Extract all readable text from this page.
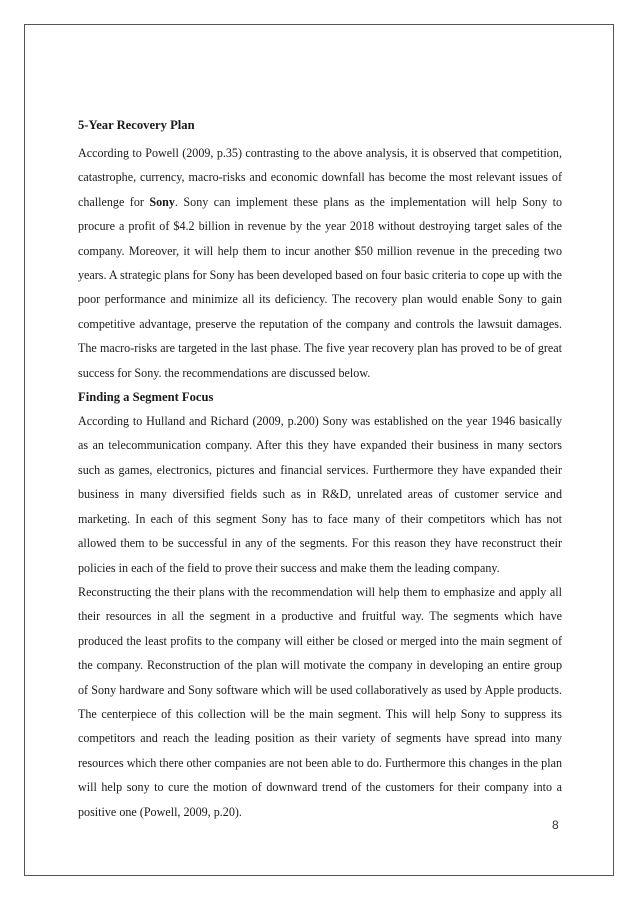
5-Year Recovery Plan

According to Powell (2009, p.35) contrasting to the above analysis, it is observed that competition, catastrophe, currency, macro-risks and economic downfall has become the most relevant issues of challenge for Sony. Sony can implement these plans as the implementation will help Sony to procure a profit of $4.2 billion in revenue by the year 2018 without destroying target sales of the company. Moreover, it will help them to incur another $50 million revenue in the preceding two years. A strategic plans for Sony has been developed based on four basic criteria to cope up with the poor performance and minimize all its deficiency. The recovery plan would enable Sony to gain competitive advantage, preserve the reputation of the company and controls the lawsuit damages. The macro-risks are targeted in the last phase. The five year recovery plan has proved to be of great success for Sony. the recommendations are discussed below.

Finding a Segment Focus

According to Hulland and Richard (2009, p.200) Sony was established on the year 1946 basically as an telecommunication company. After this they have expanded their business in many sectors such as games, electronics, pictures and financial services. Furthermore they have expanded their business in many diversified fields such as in R&D, unrelated areas of customer service and marketing. In each of this segment Sony has to face many of their competitors which has not allowed them to be successful in any of the segments. For this reason they have reconstruct their policies in each of the field to prove their success and make them the leading company.

Reconstructing the their plans with the recommendation will help them to emphasize and apply all their resources in all the segment in a productive and fruitful way. The segments which have produced the least profits to the company will either be closed or merged into the main segment of the company. Reconstruction of the plan will motivate the company in developing an entire group of Sony hardware and Sony software which will be used collaboratively as used by Apple products. The centerpiece of this collection will be the main segment. This will help Sony to suppress its competitors and reach the leading position as their variety of segments have spread into many resources which there other companies are not been able to do. Furthermore this changes in the plan will help sony to cure the motion of downward trend of the customers for their company into a positive one (Powell, 2009, p.20).

8
